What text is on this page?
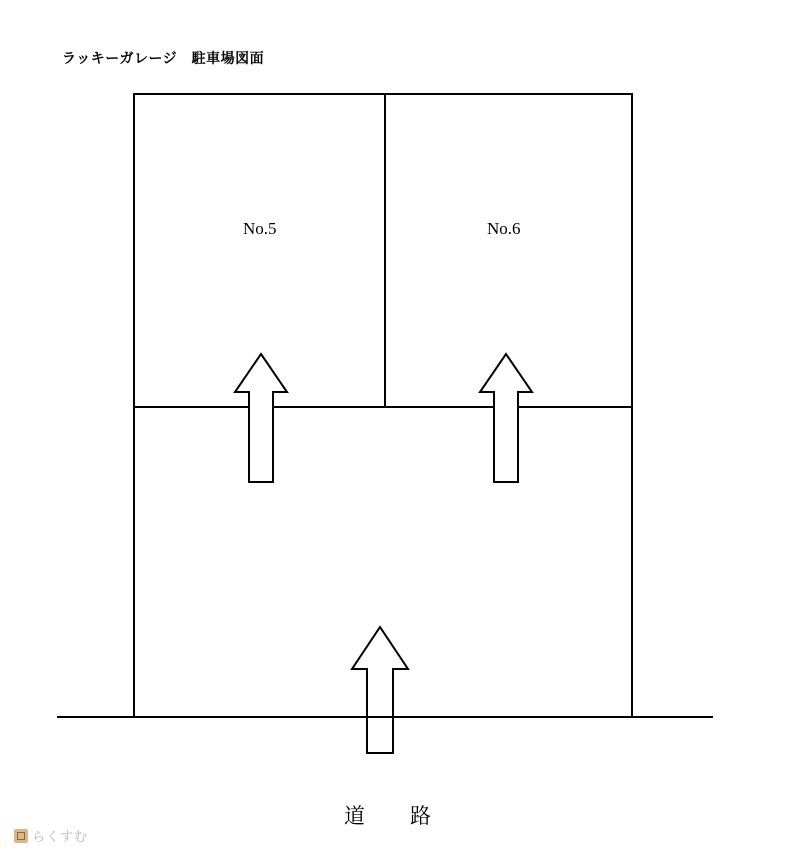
ラッキーガレージ　駐車場図面
No.5	No.6
道　路
らくすむ
